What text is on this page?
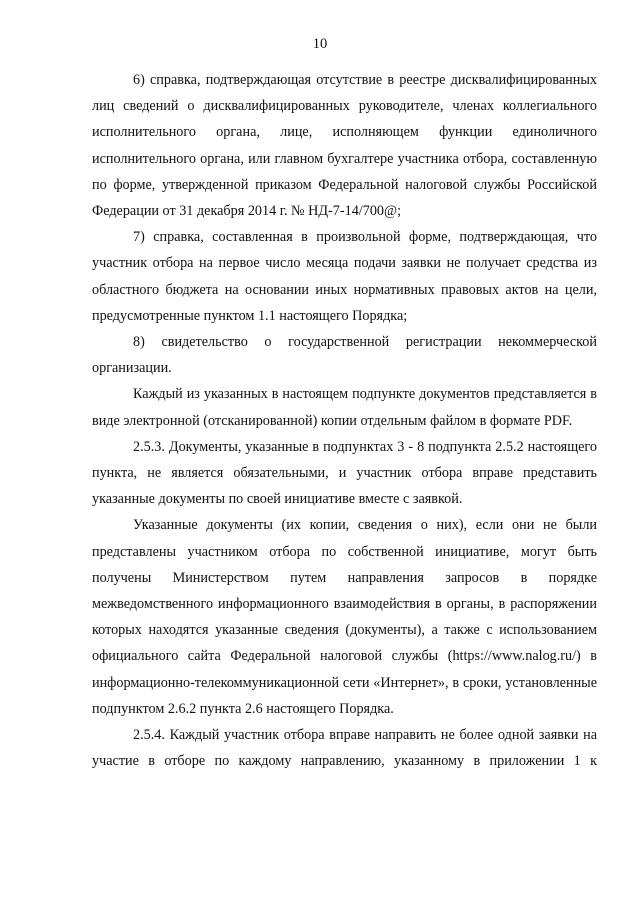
10

6) справка, подтверждающая отсутствие в реестре дисквалифицированных лиц сведений о дисквалифицированных руководителе, членах коллегиального исполнительного органа, лице, исполняющем функции единоличного исполнительного органа, или главном бухгалтере участника отбора, составленную по форме, утвержденной приказом Федеральной налоговой службы Российской Федерации от 31 декабря 2014 г. № НД-7-14/700@;

7) справка, составленная в произвольной форме, подтверждающая, что участник отбора на первое число месяца подачи заявки не получает средства из областного бюджета на основании иных нормативных правовых актов на цели, предусмотренные пунктом 1.1 настоящего Порядка;

8) свидетельство о государственной регистрации некоммерческой организации.

Каждый из указанных в настоящем подпункте документов представляется в виде электронной (отсканированной) копии отдельным файлом в формате PDF.

2.5.3. Документы, указанные в подпунктах 3 - 8 подпункта 2.5.2 настоящего пункта, не является обязательными, и участник отбора вправе представить указанные документы по своей инициативе вместе с заявкой.

Указанные документы (их копии, сведения о них), если они не были представлены участником отбора по собственной инициативе, могут быть получены Министерством путем направления запросов в порядке межведомственного информационного взаимодействия в органы, в распоряжении которых находятся указанные сведения (документы), а также с использованием официального сайта Федеральной налоговой службы (https://www.nalog.ru/) в информационно-телекоммуникационной сети «Интернет», в сроки, установленные подпунктом 2.6.2 пункта 2.6 настоящего Порядка.

2.5.4. Каждый участник отбора вправе направить не более одной заявки на участие в отборе по каждому направлению, указанному в приложении 1 к
